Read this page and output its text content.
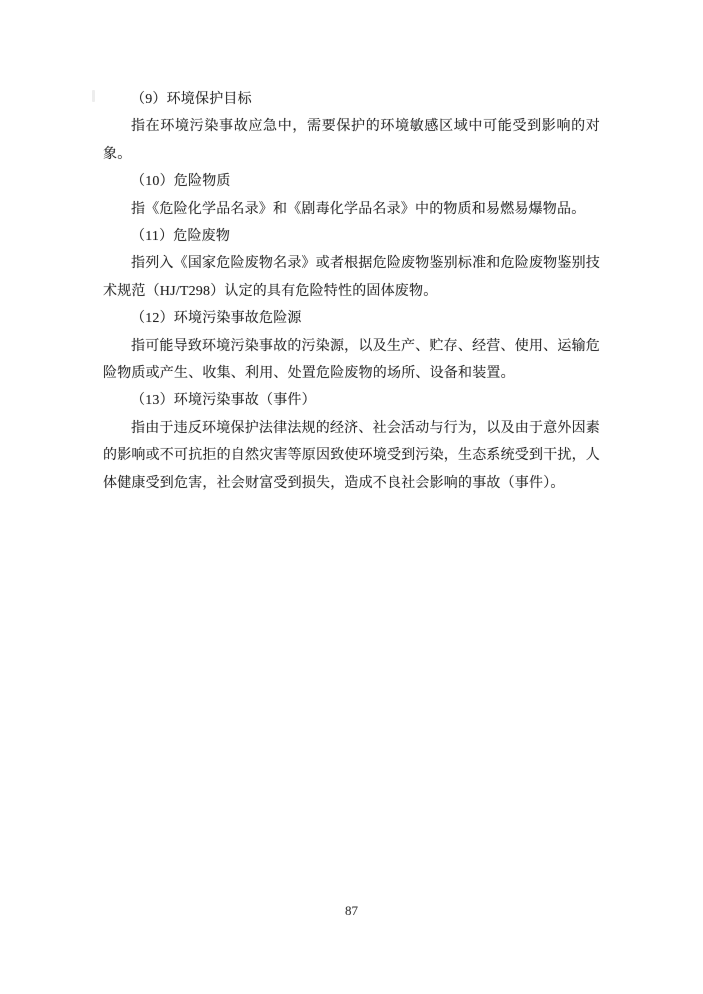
（9）环境保护目标
指在环境污染事故应急中，需要保护的环境敏感区域中可能受到影响的对
象。
（10）危险物质
指《危险化学品名录》和《剧毒化学品名录》中的物质和易燃易爆物品。
（11）危险废物
指列入《国家危险废物名录》或者根据危险废物鉴别标准和危险废物鉴别技
术规范（HJ/T298）认定的具有危险特性的固体废物。
（12）环境污染事故危险源
指可能导致环境污染事故的污染源，以及生产、贮存、经营、使用、运输危
险物质或产生、收集、利用、处置危险废物的场所、设备和装置。
（13）环境污染事故（事件）
指由于违反环境保护法律法规的经济、社会活动与行为，以及由于意外因素
的影响或不可抗拒的自然灾害等原因致使环境受到污染，生态系统受到干扰，人
体健康受到危害，社会财富受到损失，造成不良社会影响的事故（事件）。
87
